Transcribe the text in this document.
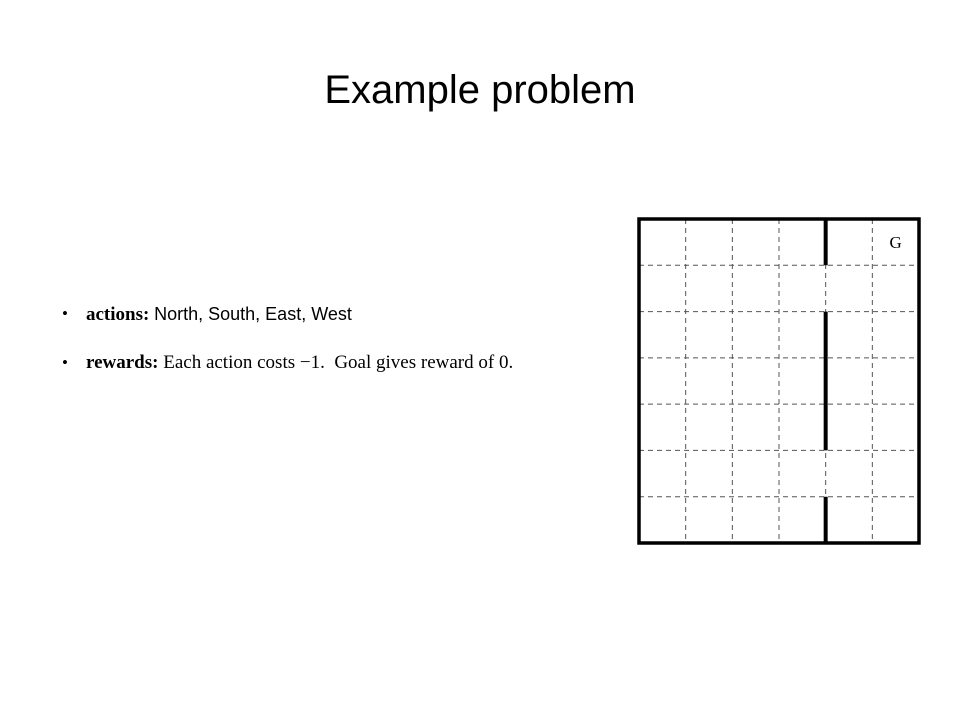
Example problem
• actions: North, South, East, West
• rewards: Each action costs −1.  Goal gives reward of 0.
G
